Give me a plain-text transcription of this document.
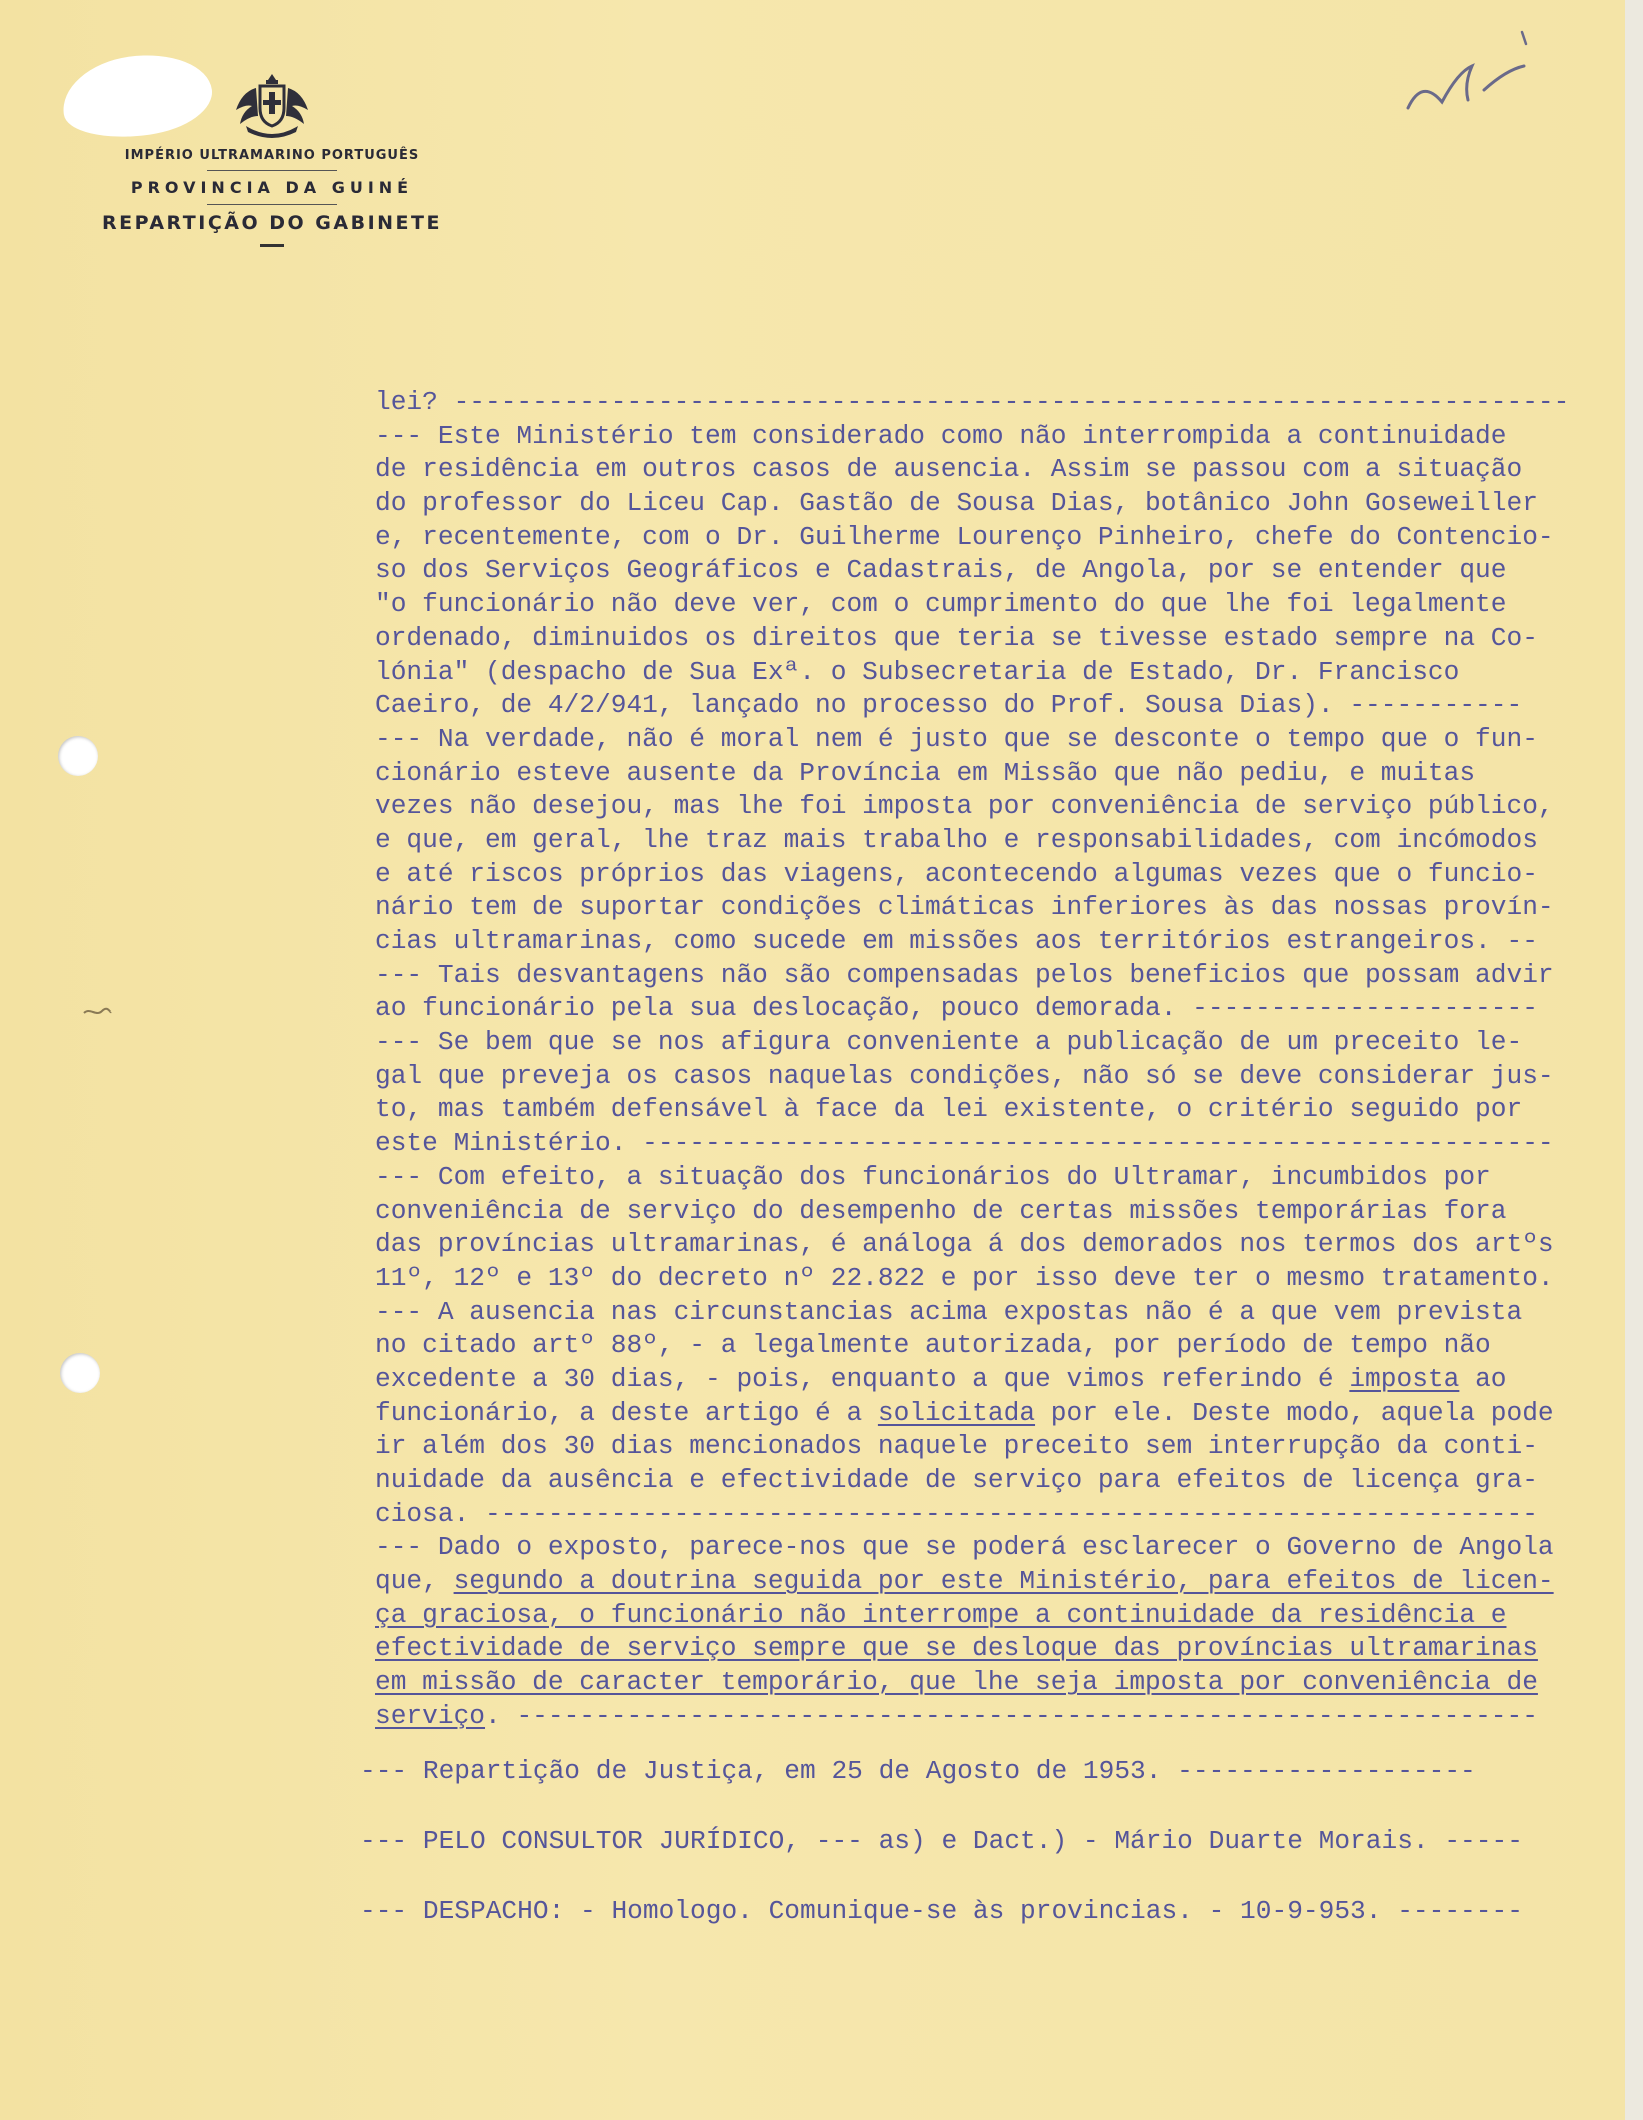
IMPÉRIO ULTRAMARINO PORTUGUÊS
PROVINCIA DA GUINÉ
REPARTIÇÃO DO GABINETE
lei? -----------------------------------------------------------------------
--- Este Ministério tem considerado como não interrompida a continuidade
de residência em outros casos de ausencia. Assim se passou com a situação
do professor do Liceu Cap. Gastão de Sousa Dias, botânico John Goseweiller
e, recentemente, com o Dr. Guilherme Lourenço Pinheiro, chefe do Contencio-
so dos Serviços Geográficos e Cadastrais, de Angola, por se entender que
"o funcionário não deve ver, com o cumprimento do que lhe foi legalmente
ordenado, diminuidos os direitos que teria se tivesse estado sempre na Co-
lónia" (despacho de Sua Exª. o Subsecretaria de Estado, Dr. Francisco
Caeiro, de 4/2/941, lançado no processo do Prof. Sousa Dias). -----------
--- Na verdade, não é moral nem é justo que se desconte o tempo que o fun-
cionário esteve ausente da Província em Missão que não pediu, e muitas
vezes não desejou, mas lhe foi imposta por conveniência de serviço público,
e que, em geral, lhe traz mais trabalho e responsabilidades, com incómodos
e até riscos próprios das viagens, acontecendo algumas vezes que o funcio-
nário tem de suportar condições climáticas inferiores às das nossas provín-
cias ultramarinas, como sucede em missões aos territórios estrangeiros. --
--- Tais desvantagens não são compensadas pelos beneficios que possam advir
ao funcionário pela sua deslocação, pouco demorada. ----------------------
--- Se bem que se nos afigura conveniente a publicação de um preceito le-
gal que preveja os casos naquelas condições, não só se deve considerar jus-
to, mas também defensável à face da lei existente, o critério seguido por
este Ministério. ----------------------------------------------------------
--- Com efeito, a situação dos funcionários do Ultramar, incumbidos por
conveniência de serviço do desempenho de certas missões temporárias fora
das províncias ultramarinas, é análoga á dos demorados nos termos dos artºs
11º, 12º e 13º do decreto nº 22.822 e por isso deve ter o mesmo tratamento.
--- A ausencia nas circunstancias acima expostas não é a que vem prevista
no citado artº 88º, - a legalmente autorizada, por período de tempo não
excedente a 30 dias, - pois, enquanto a que vimos referindo é imposta ao
funcionário, a deste artigo é a solicitada por ele. Deste modo, aquela pode
ir além dos 30 dias mencionados naquele preceito sem interrupção da conti-
nuidade da ausência e efectividade de serviço para efeitos de licença gra-
ciosa. -------------------------------------------------------------------
--- Dado o exposto, parece-nos que se poderá esclarecer o Governo de Angola
que, segundo a doutrina seguida por este Ministério, para efeitos de licen-
ça graciosa, o funcionário não interrompe a continuidade da residência e
efectividade de serviço sempre que se desloque das províncias ultramarinas
em missão de caracter temporário, que lhe seja imposta por conveniência de
serviço. -----------------------------------------------------------------
--- Repartição de Justiça, em 25 de Agosto de 1953. -------------------
--- PELO CONSULTOR JURÍDICO, --- as) e Dact.) - Mário Duarte Morais. -----
--- DESPACHO: - Homologo. Comunique-se às provincias. - 10-9-953. --------
